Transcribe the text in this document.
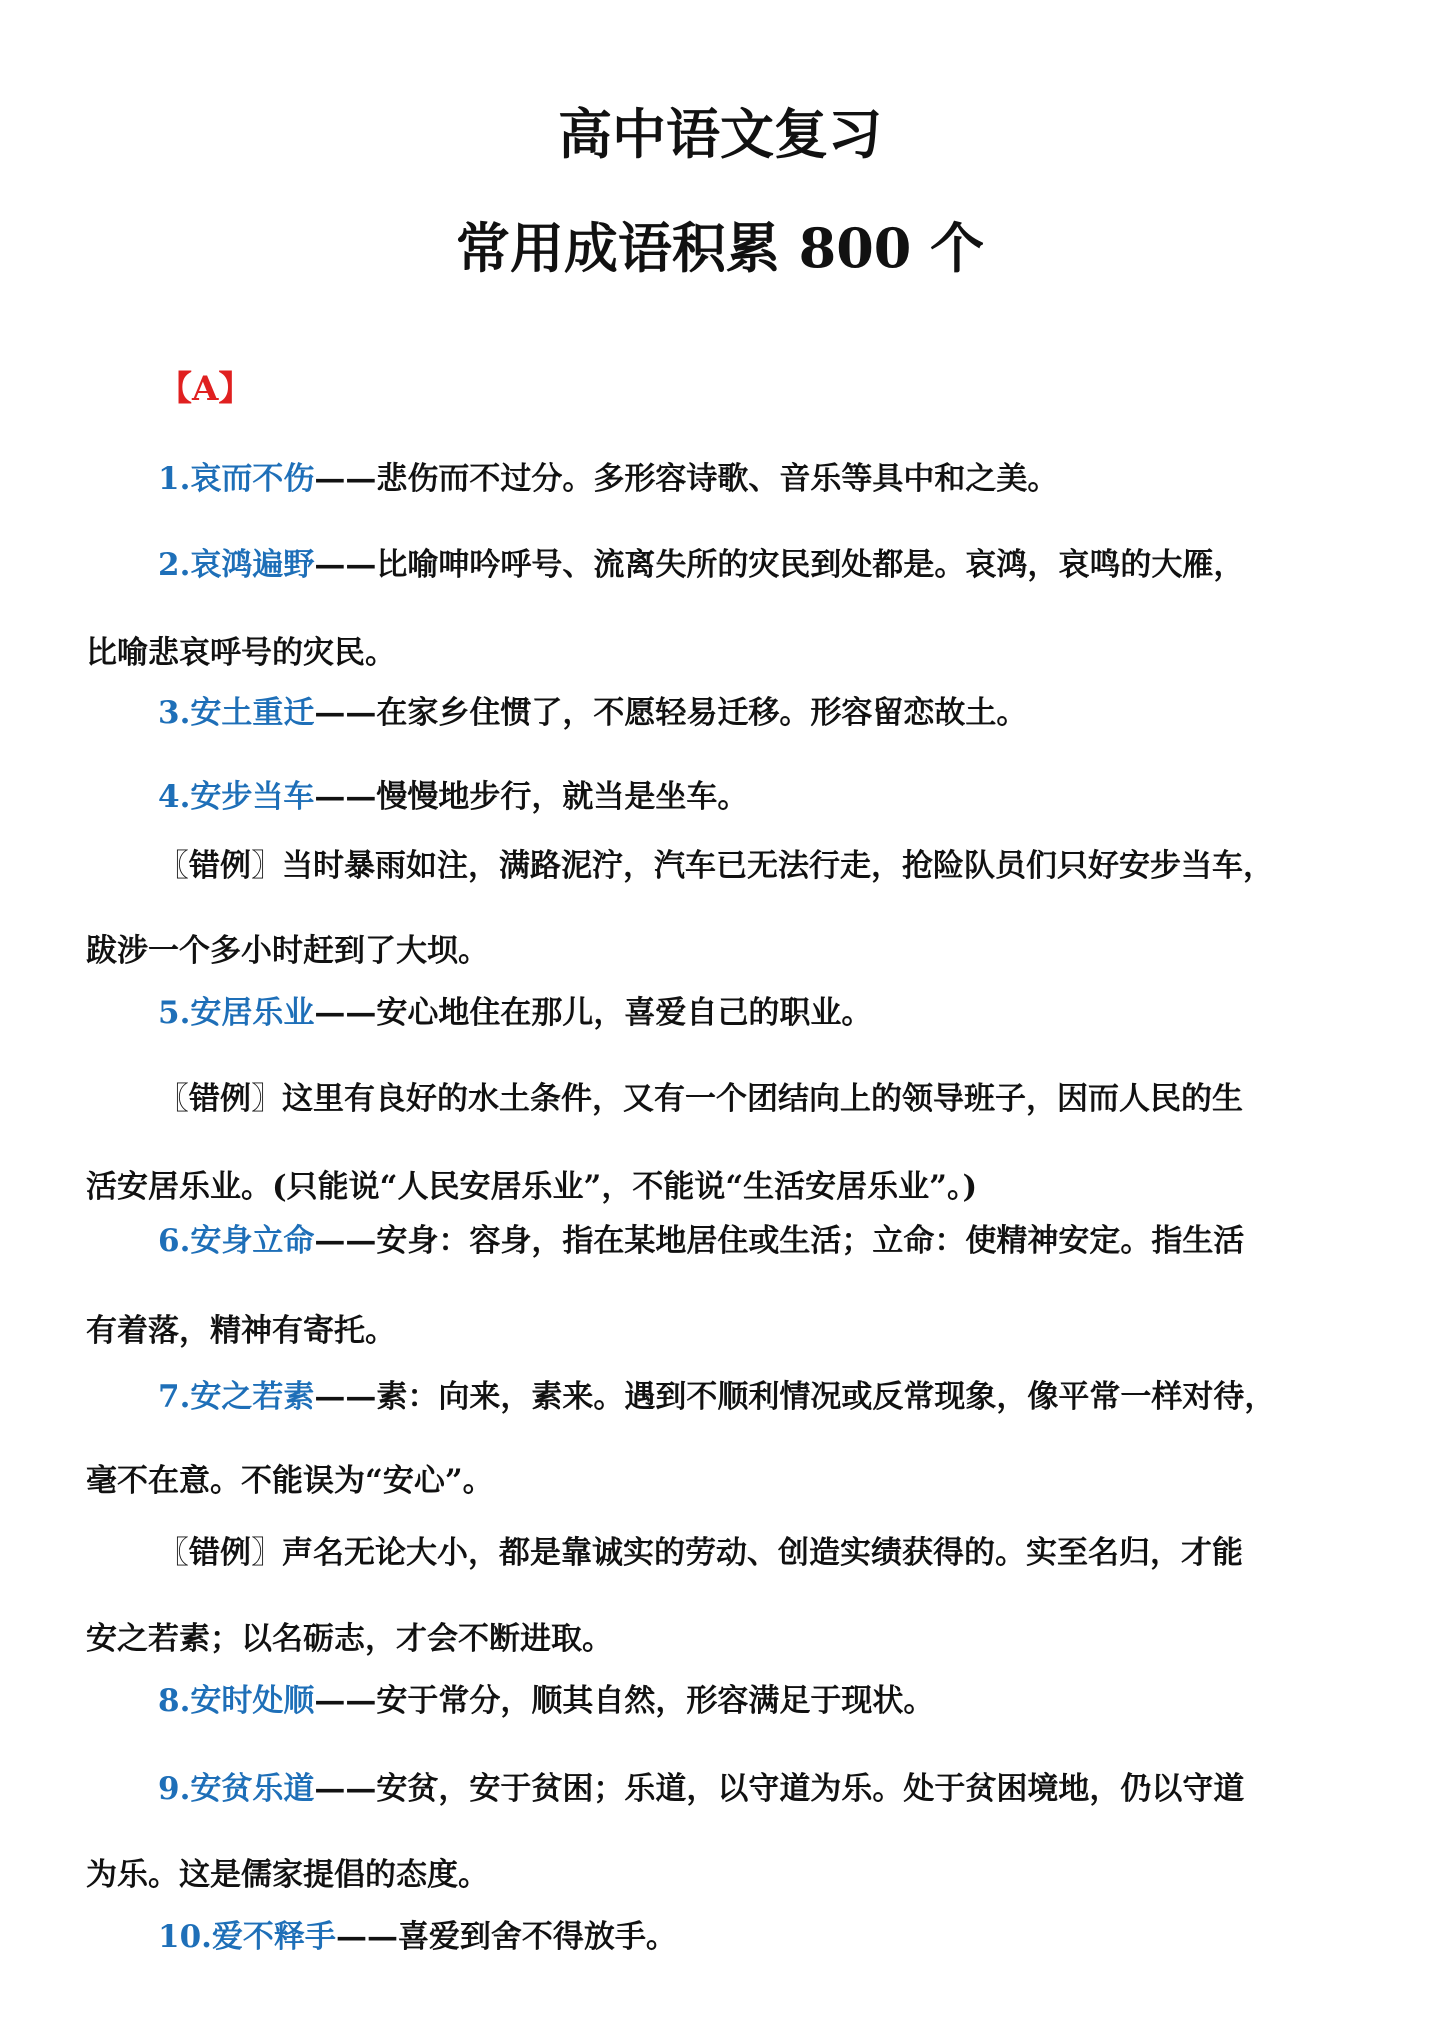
高中语文复习
常用成语积累 800 个
【A】
1.哀而不伤——悲伤而不过分。多形容诗歌、音乐等具中和之美。
2.哀鸿遍野——比喻呻吟呼号、流离失所的灾民到处都是。哀鸿，哀鸣的大雁，
比喻悲哀呼号的灾民。
3.安土重迁——在家乡住惯了，不愿轻易迁移。形容留恋故土。
4.安步当车——慢慢地步行，就当是坐车。
〖错例〗当时暴雨如注，满路泥泞，汽车已无法行走，抢险队员们只好安步当车，
跋涉一个多小时赶到了大坝。
5.安居乐业——安心地住在那儿，喜爱自己的职业。
〖错例〗这里有良好的水土条件，又有一个团结向上的领导班子，因而人民的生
活安居乐业。(只能说“人民安居乐业”，不能说“生活安居乐业”。)
6.安身立命——安身：容身，指在某地居住或生活；立命：使精神安定。指生活
有着落，精神有寄托。
7.安之若素——素：向来，素来。遇到不顺利情况或反常现象，像平常一样对待，
毫不在意。不能误为“安心”。
〖错例〗声名无论大小，都是靠诚实的劳动、创造实绩获得的。实至名归，才能
安之若素；以名砺志，才会不断进取。
8.安时处顺——安于常分，顺其自然，形容满足于现状。
9.安贫乐道——安贫，安于贫困；乐道，以守道为乐。处于贫困境地，仍以守道
为乐。这是儒家提倡的态度。
10.爱不释手——喜爱到舍不得放手。
